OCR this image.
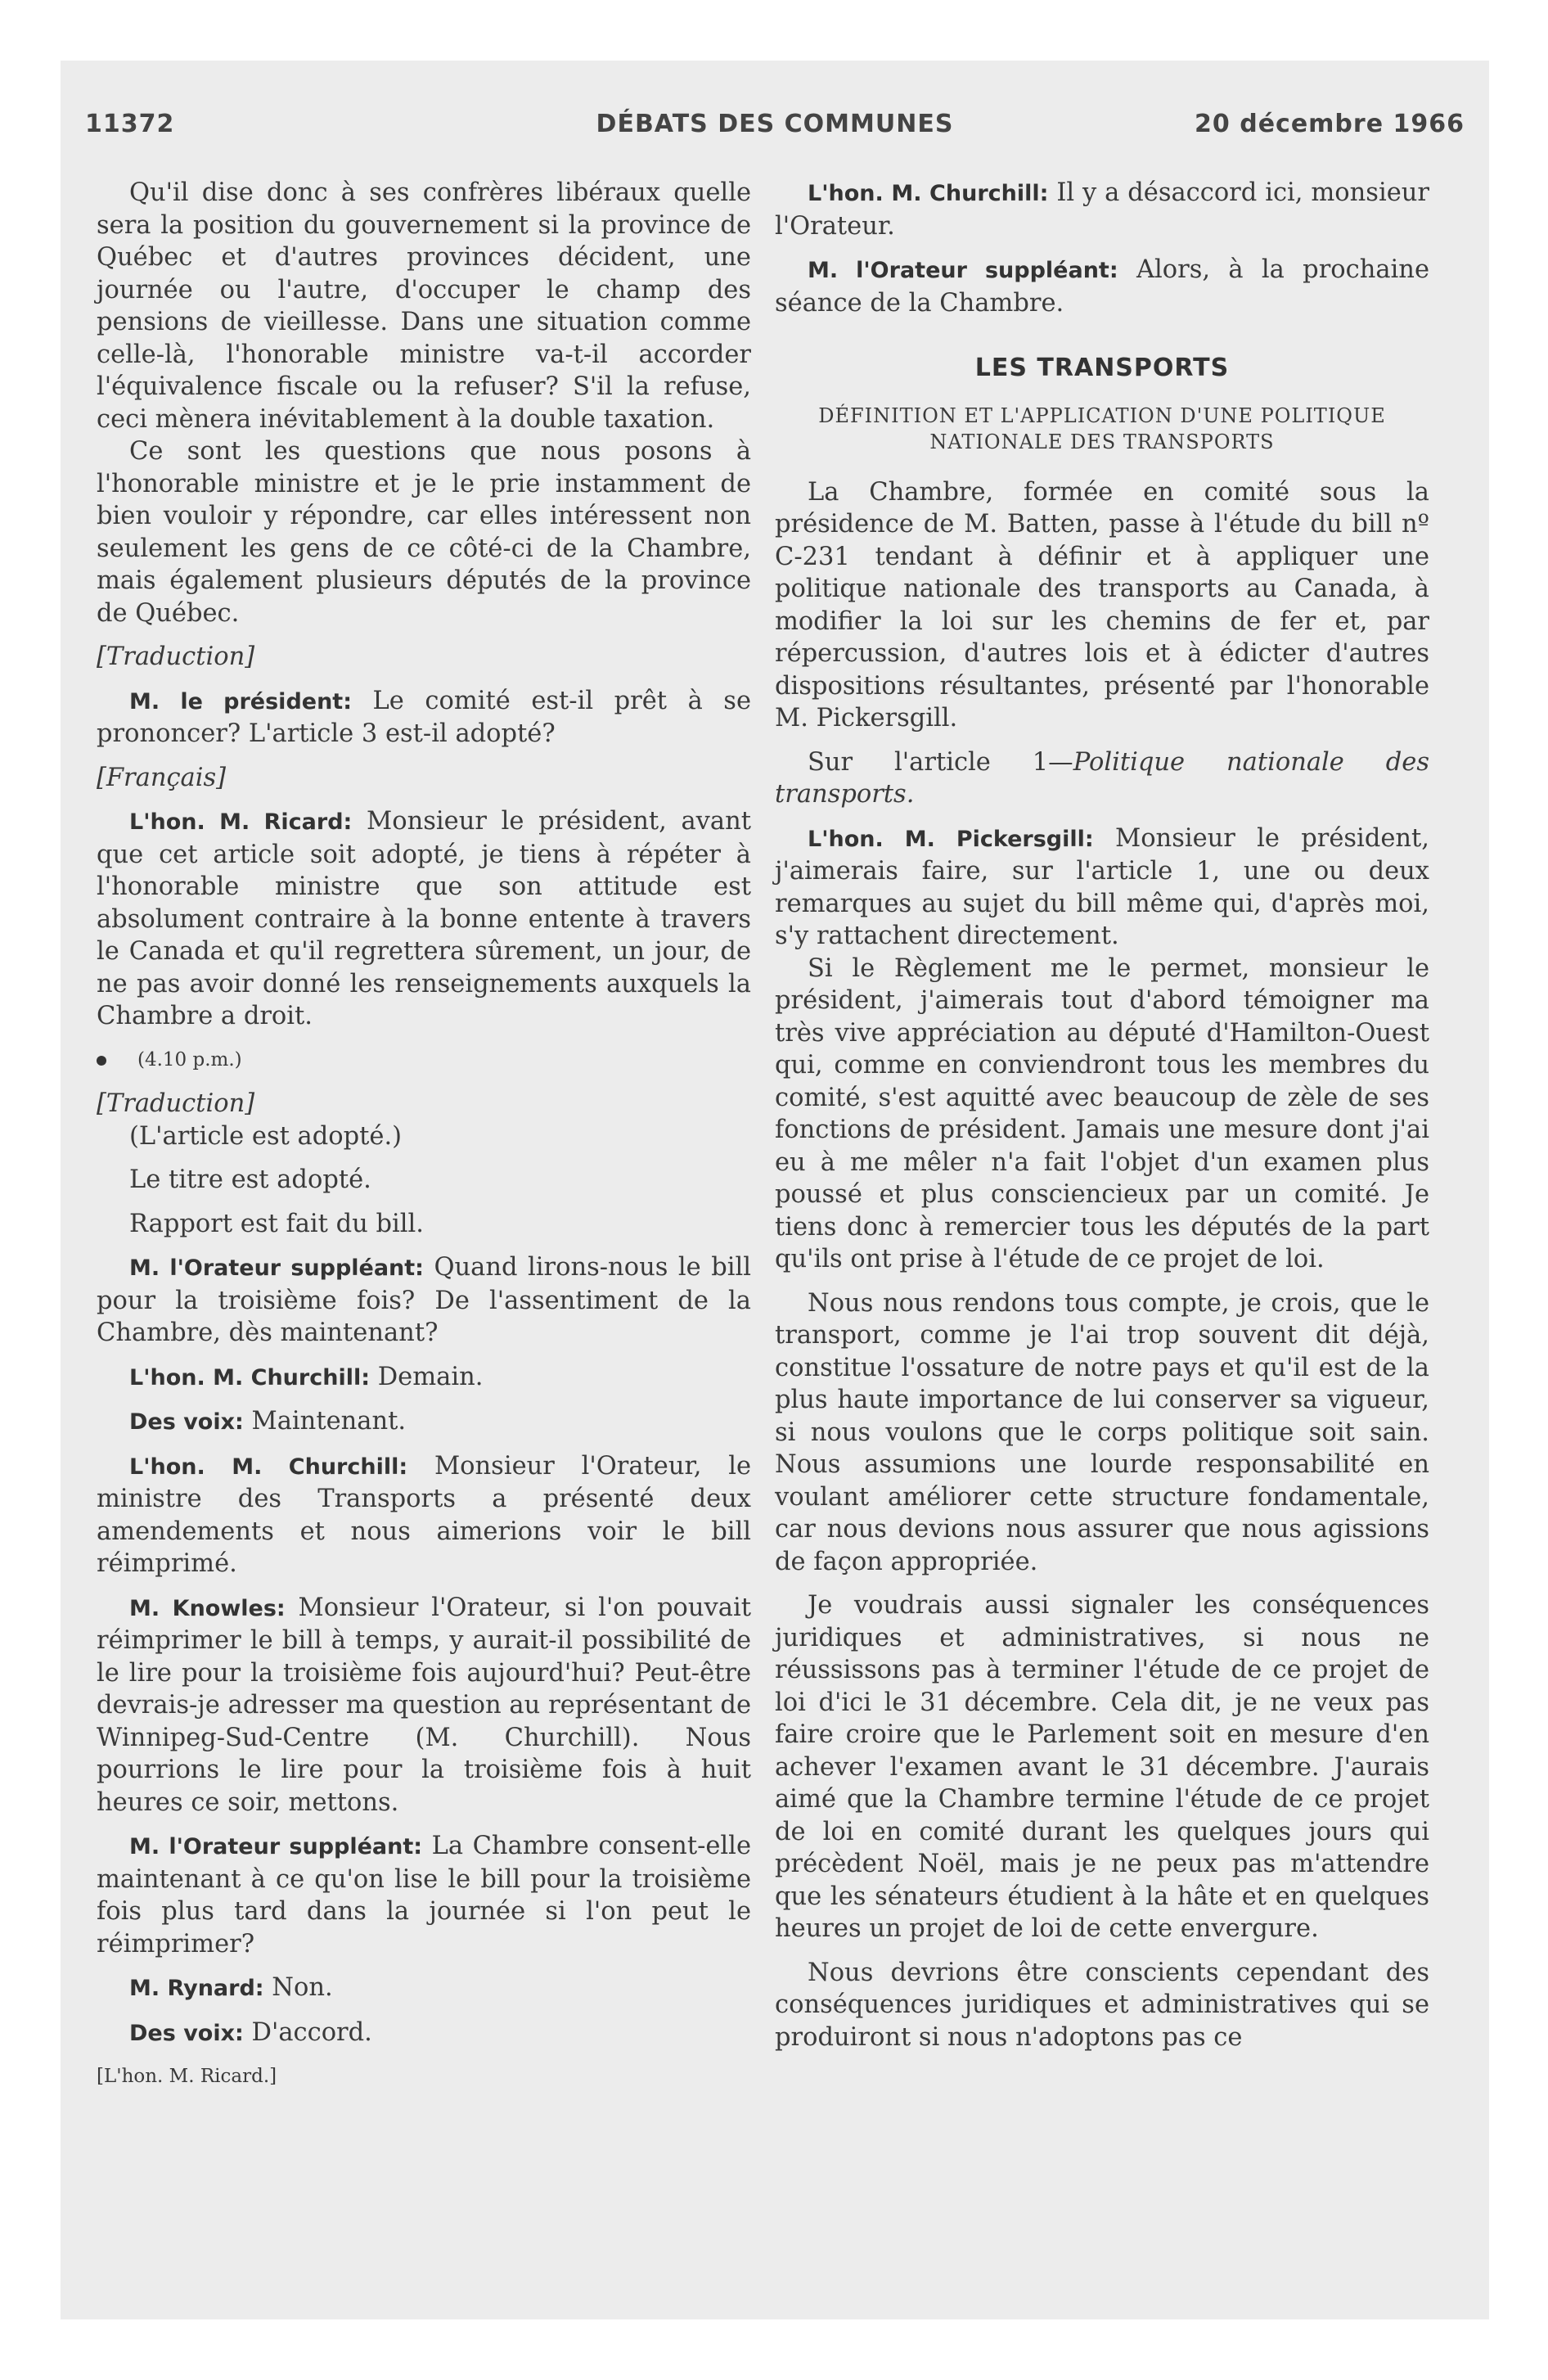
11372	DÉBATS DES COMMUNES	20 décembre 1966

Qu'il dise donc à ses confrères libéraux quelle sera la position du gouvernement si la province de Québec et d'autres provinces décident, une journée ou l'autre, d'occuper le champ des pensions de vieillesse. Dans une situation comme celle-là, l'honorable ministre va-t-il accorder l'équivalence fiscale ou la refuser? S'il la refuse, ceci mènera inévitablement à la double taxation.

Ce sont les questions que nous posons à l'honorable ministre et je le prie instamment de bien vouloir y répondre, car elles intéressent non seulement les gens de ce côté-ci de la Chambre, mais également plusieurs députés de la province de Québec.

[Traduction]

M. le président: Le comité est-il prêt à se prononcer? L'article 3 est-il adopté?

[Français]

L'hon. M. Ricard: Monsieur le président, avant que cet article soit adopté, je tiens à répéter à l'honorable ministre que son attitude est absolument contraire à la bonne entente à travers le Canada et qu'il regrettera sûrement, un jour, de ne pas avoir donné les renseignements auxquels la Chambre a droit.

(4.10 p.m.)

[Traduction]

(L'article est adopté.)

Le titre est adopté.

Rapport est fait du bill.

M. l'Orateur suppléant: Quand lirons-nous le bill pour la troisième fois? De l'assentiment de la Chambre, dès maintenant?

L'hon. M. Churchill: Demain.

Des voix: Maintenant.

L'hon. M. Churchill: Monsieur l'Orateur, le ministre des Transports a présenté deux amendements et nous aimerions voir le bill réimprimé.

M. Knowles: Monsieur l'Orateur, si l'on pouvait réimprimer le bill à temps, y aurait-il possibilité de le lire pour la troisième fois aujourd'hui? Peut-être devrais-je adresser ma question au représentant de Winnipeg-Sud-Centre (M. Churchill). Nous pourrions le lire pour la troisième fois à huit heures ce soir, mettons.

M. l'Orateur suppléant: La Chambre consent-elle maintenant à ce qu'on lise le bill pour la troisième fois plus tard dans la journée si l'on peut le réimprimer?

M. Rynard: Non.

Des voix: D'accord.

[L'hon. M. Ricard.]

L'hon. M. Churchill: Il y a désaccord ici, monsieur l'Orateur.

M. l'Orateur suppléant: Alors, à la prochaine séance de la Chambre.

LES TRANSPORTS
DÉFINITION ET L'APPLICATION D'UNE POLITIQUE NATIONALE DES TRANSPORTS

La Chambre, formée en comité sous la présidence de M. Batten, passe à l'étude du bill nº C-231 tendant à définir et à appliquer une politique nationale des transports au Canada, à modifier la loi sur les chemins de fer et, par répercussion, d'autres lois et à édicter d'autres dispositions résultantes, présenté par l'honorable M. Pickersgill.

Sur l'article 1—Politique nationale des transports.

L'hon. M. Pickersgill: Monsieur le président, j'aimerais faire, sur l'article 1, une ou deux remarques au sujet du bill même qui, d'après moi, s'y rattachent directement.

Si le Règlement me le permet, monsieur le président, j'aimerais tout d'abord témoigner ma très vive appréciation au député d'Hamilton-Ouest qui, comme en conviendront tous les membres du comité, s'est aquitté avec beaucoup de zèle de ses fonctions de président. Jamais une mesure dont j'ai eu à me mêler n'a fait l'objet d'un examen plus poussé et plus consciencieux par un comité. Je tiens donc à remercier tous les députés de la part qu'ils ont prise à l'étude de ce projet de loi.

Nous nous rendons tous compte, je crois, que le transport, comme je l'ai trop souvent dit déjà, constitue l'ossature de notre pays et qu'il est de la plus haute importance de lui conserver sa vigueur, si nous voulons que le corps politique soit sain. Nous assumions une lourde responsabilité en voulant améliorer cette structure fondamentale, car nous devions nous assurer que nous agissions de façon appropriée.

Je voudrais aussi signaler les conséquences juridiques et administratives, si nous ne réussissons pas à terminer l'étude de ce projet de loi d'ici le 31 décembre. Cela dit, je ne veux pas faire croire que le Parlement soit en mesure d'en achever l'examen avant le 31 décembre. J'aurais aimé que la Chambre termine l'étude de ce projet de loi en comité durant les quelques jours qui précèdent Noël, mais je ne peux pas m'attendre que les sénateurs étudient à la hâte et en quelques heures un projet de loi de cette envergure.

Nous devrions être conscients cependant des conséquences juridiques et administratives qui se produiront si nous n'adoptons pas ce
